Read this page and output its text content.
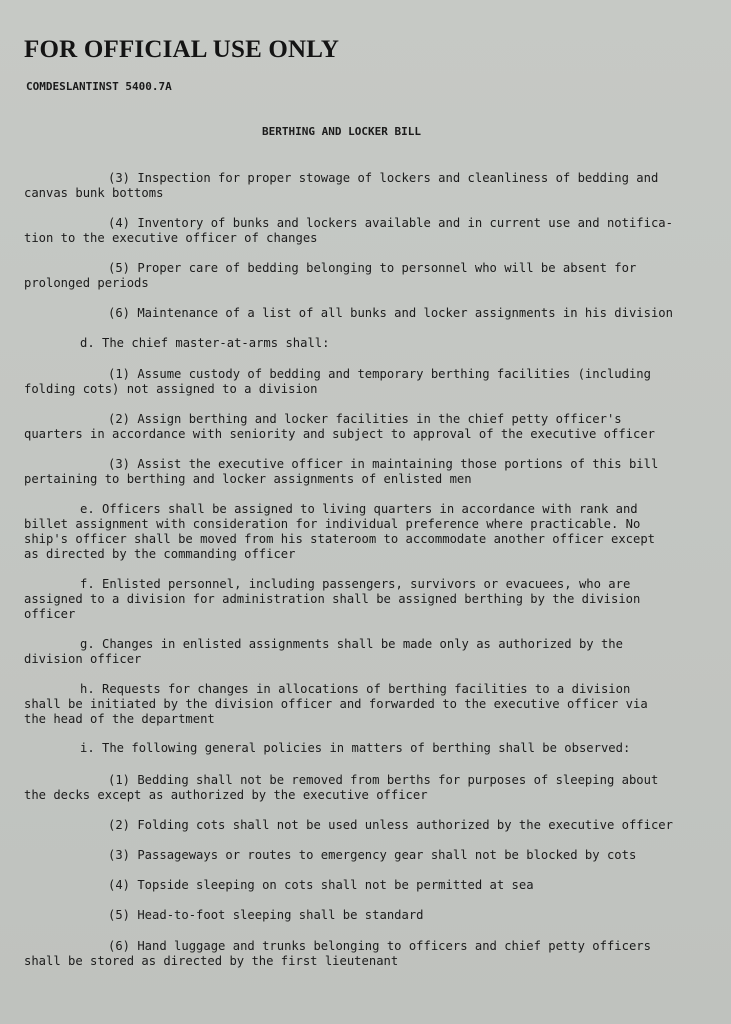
FOR OFFICIAL USE ONLY
COMDESLANTINST 5400.7A
BERTHING AND LOCKER BILL
(3) Inspection for proper stowage of lockers and cleanliness of bedding and
canvas bunk bottoms
(4) Inventory of bunks and lockers available and in current use and notifica-
tion to the executive officer of changes
(5) Proper care of bedding belonging to personnel who will be absent for
prolonged periods
(6) Maintenance of a list of all bunks and locker assignments in his division
d. The chief master-at-arms shall:
(1) Assume custody of bedding and temporary berthing facilities (including
folding cots) not assigned to a division
(2) Assign berthing and locker facilities in the chief petty officer's
quarters in accordance with seniority and subject to approval of the executive officer
(3) Assist the executive officer in maintaining those portions of this bill
pertaining to berthing and locker assignments of enlisted men
e. Officers shall be assigned to living quarters in accordance with rank and
billet assignment with consideration for individual preference where practicable. No
ship's officer shall be moved from his stateroom to accommodate another officer except
as directed by the commanding officer
f. Enlisted personnel, including passengers, survivors or evacuees, who are
assigned to a division for administration shall be assigned berthing by the division
officer
g. Changes in enlisted assignments shall be made only as authorized by the
division officer
h. Requests for changes in allocations of berthing facilities to a division
shall be initiated by the division officer and forwarded to the executive officer via
the head of the department
i. The following general policies in matters of berthing shall be observed:
(1) Bedding shall not be removed from berths for purposes of sleeping about
the decks except as authorized by the executive officer
(2) Folding cots shall not be used unless authorized by the executive officer
(3) Passageways or routes to emergency gear shall not be blocked by cots
(4) Topside sleeping on cots shall not be permitted at sea
(5) Head-to-foot sleeping shall be standard
(6) Hand luggage and trunks belonging to officers and chief petty officers
shall be stored as directed by the first lieutenant
